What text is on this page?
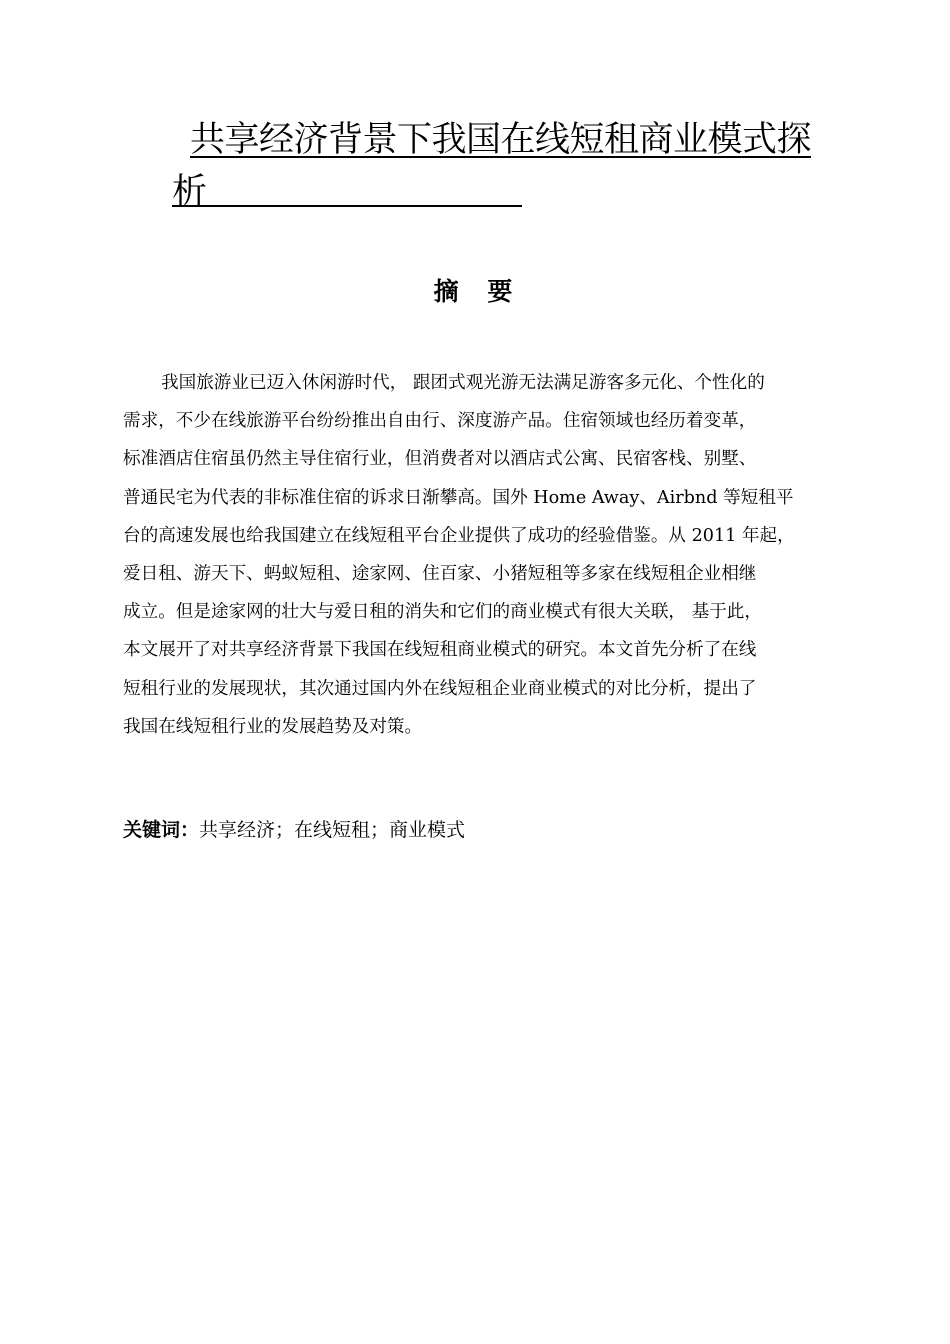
共享经济背景下我国在线短租商业模式探
析
摘 要
我国旅游业已迈入休闲游时代， 跟团式观光游无法满足游客多元化、个性化的
需求，不少在线旅游平台纷纷推出自由行、深度游产品。住宿领域也经历着变革，
标准酒店住宿虽仍然主导住宿行业，但消费者对以酒店式公寓、民宿客栈、别墅、
普通民宅为代表的非标准住宿的诉求日渐攀高。国外 Home Away、Airbnd 等短租平
台的高速发展也给我国建立在线短租平台企业提供了成功的经验借鉴。从 2011 年起，
爱日租、游天下、蚂蚁短租、途家网、住百家、小猪短租等多家在线短租企业相继
成立。但是途家网的壮大与爱日租的消失和它们的商业模式有很大关联， 基于此，
本文展开了对共享经济背景下我国在线短租商业模式的研究。本文首先分析了在线
短租行业的发展现状，其次通过国内外在线短租企业商业模式的对比分析，提出了
我国在线短租行业的发展趋势及对策。
关键词：共享经济；在线短租；商业模式
